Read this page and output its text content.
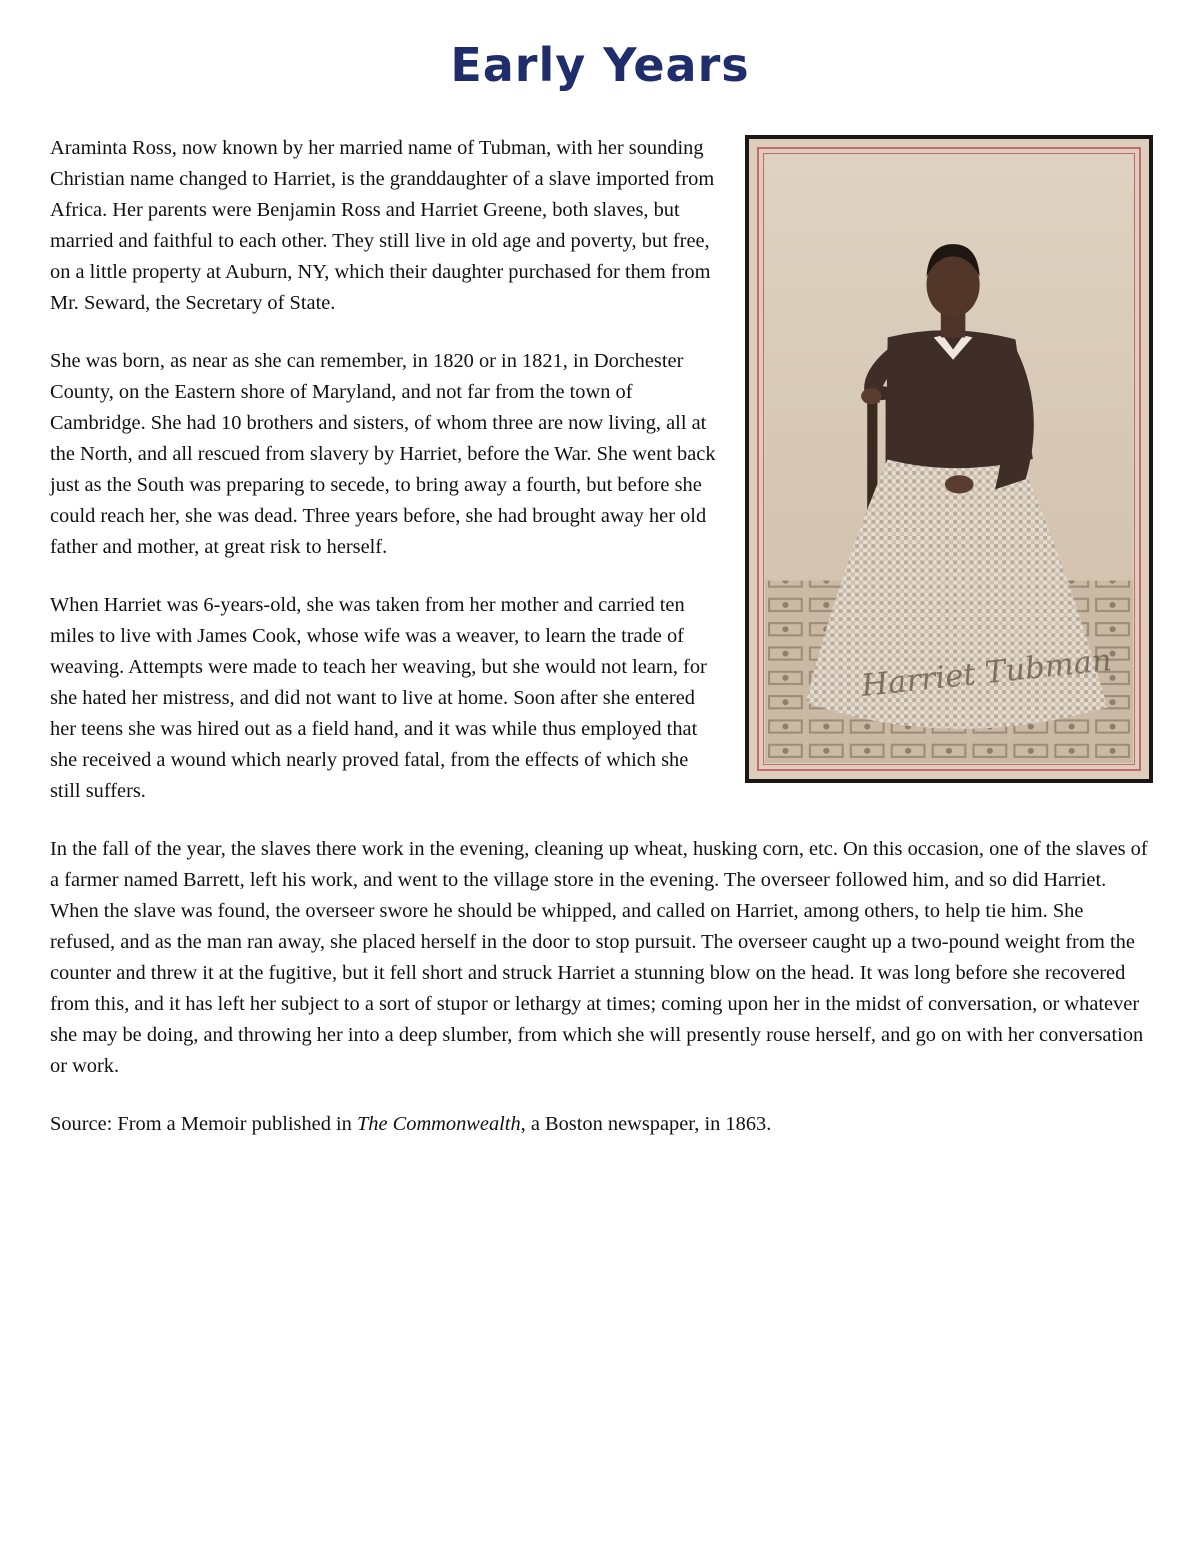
Early Years
Harriet Tubman

Araminta Ross, now known by her married name of Tubman, with her sounding Christian name changed to Harriet, is the granddaughter of a slave imported from Africa. Her parents were Benjamin Ross and Harriet Greene, both slaves, but married and faithful to each other. They still live in old age and poverty, but free, on a little property at Auburn, NY, which their daughter purchased for them from Mr. Seward, the Secretary of State.

She was born, as near as she can remember, in 1820 or in 1821, in Dorchester County, on the Eastern shore of Maryland, and not far from the town of Cambridge. She had 10 brothers and sisters, of whom three are now living, all at the North, and all rescued from slavery by Harriet, before the War. She went back just as the South was preparing to secede, to bring away a fourth, but before she could reach her, she was dead. Three years before, she had brought away her old father and mother, at great risk to herself.

When Harriet was 6-years-old, she was taken from her mother and carried ten miles to live with James Cook, whose wife was a weaver, to learn the trade of weaving. Attempts were made to teach her weaving, but she would not learn, for she hated her mistress, and did not want to live at home. Soon after she entered her teens she was hired out as a field hand, and it was while thus employed that she received a wound which nearly proved fatal, from the effects of which she still suffers.

In the fall of the year, the slaves there work in the evening, cleaning up wheat, husking corn, etc. On this occasion, one of the slaves of a farmer named Barrett, left his work, and went to the village store in the evening. The overseer followed him, and so did Harriet. When the slave was found, the overseer swore he should be whipped, and called on Harriet, among others, to help tie him. She refused, and as the man ran away, she placed herself in the door to stop pursuit. The overseer caught up a two-pound weight from the counter and threw it at the fugitive, but it fell short and struck Harriet a stunning blow on the head. It was long before she recovered from this, and it has left her subject to a sort of stupor or lethargy at times; coming upon her in the midst of conversation, or whatever she may be doing, and throwing her into a deep slumber, from which she will presently rouse herself, and go on with her conversation or work.

Source: From a Memoir published in The Commonwealth, a Boston newspaper, in 1863.
